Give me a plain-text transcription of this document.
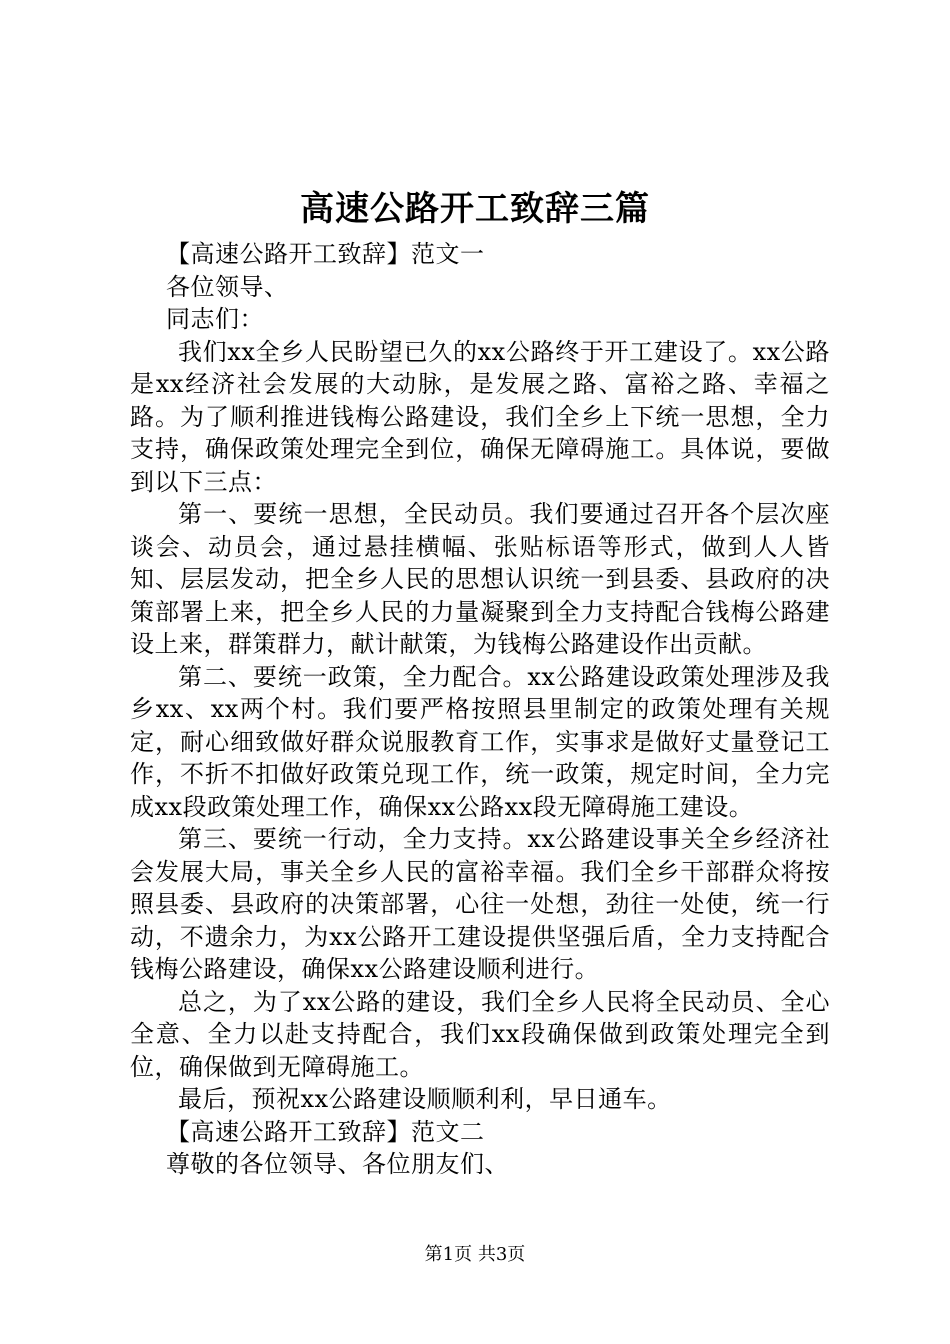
高速公路开工致辞三篇

【高速公路开工致辞】范文一

各位领导、

同志们：

我们xx全乡人民盼望已久的xx公路终于开工建设了。xx公路是xx经济社会发展的大动脉，是发展之路、富裕之路、幸福之路。为了顺利推进钱梅公路建设，我们全乡上下统一思想，全力支持，确保政策处理完全到位，确保无障碍施工。具体说，要做到以下三点：

第一、要统一思想，全民动员。我们要通过召开各个层次座谈会、动员会，通过悬挂横幅、张贴标语等形式，做到人人皆知、层层发动，把全乡人民的思想认识统一到县委、县政府的决策部署上来，把全乡人民的力量凝聚到全力支持配合钱梅公路建设上来，群策群力，献计献策，为钱梅公路建设作出贡献。

第二、要统一政策，全力配合。xx公路建设政策处理涉及我乡xx、xx两个村。我们要严格按照县里制定的政策处理有关规定，耐心细致做好群众说服教育工作，实事求是做好丈量登记工作，不折不扣做好政策兑现工作，统一政策，规定时间，全力完成xx段政策处理工作，确保xx公路xx段无障碍施工建设。

第三、要统一行动，全力支持。xx公路建设事关全乡经济社会发展大局，事关全乡人民的富裕幸福。我们全乡干部群众将按照县委、县政府的决策部署，心往一处想，劲往一处使，统一行动，不遗余力，为xx公路开工建设提供坚强后盾，全力支持配合钱梅公路建设，确保xx公路建设顺利进行。

总之，为了xx公路的建设，我们全乡人民将全民动员、全心全意、全力以赴支持配合，我们xx段确保做到政策处理完全到位，确保做到无障碍施工。

最后，预祝xx公路建设顺顺利利，早日通车。

【高速公路开工致辞】范文二

尊敬的各位领导、各位朋友们、

第1页 共3页
